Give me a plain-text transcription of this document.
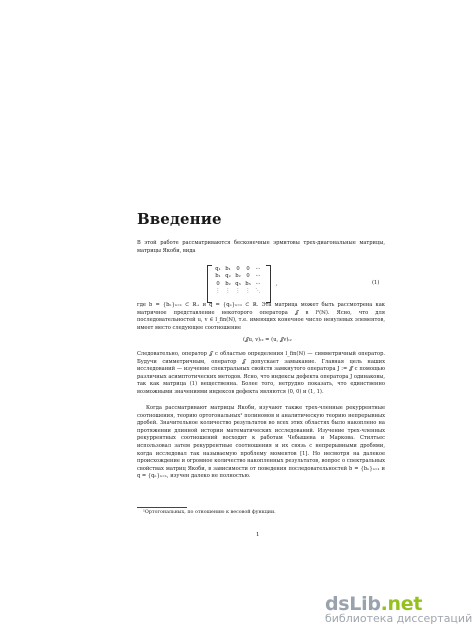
Введение

В этой работе рассматриваются бесконечные эрмитовы трех-диагональные матрицы, матрицы Якоби, вида

q₁ b₁ 0 0 ···
b₁ q₂ b₂ 0 ···
0 b₂ q₃ b₃ ···
⋮ ⋮ ⋮ ⋮ ⋱
,	(1)

где b = {bₙ}ₙ₌₁ ⊂ ℝ₊ и q = {qₙ}ₙ₌₁ ⊂ ℝ. Эта матрица может быть рассмотрена как матричное представление некоторого оператора 𝒥 в l²(ℕ). Ясно, что для последовательностей u, v ∈ l_fin(ℕ), т.е. имеющих конечное число ненулевых элементов, имеет место следующее соотношение

(𝒥u, v)ₗ₂ = (u, 𝒥v)ₗ₂

Следовательно, оператор 𝒥 с областью определения l_fin(ℕ) — симметричный оператор. Будучи симметричным, оператор 𝒥 допускает замыкание. Главная цель наших исследований — изучение спектральных свойств замкнутого оператора J := 𝒥̄ с помощью различных асимптотических методов. Ясно, что индексы дефекта оператора J одинаковы, так как матрица (1) вещественна. Более того, нетрудно показать, что единственно возможными значениями индексов дефекта являются (0, 0) и (1, 1).

Когда рассматривают матрицы Якоби, изучают также трех-членные рекуррентные соотношения, теорию ортогональных¹ полиномов и аналитическую теорию непрерывных дробей. Значительное количество результатов во всех этих областях было накоплено на протяжении длинной истории математических исследований. Изучение трех-членных рекуррентных соотношений восходит к работам Чебышева и Маркова. Стилтьес использовал затем рекуррентные соотношения и их связь с непрерывными дробями, когда исследовал так называемую проблему моментов [1]. Но несмотря на далекое происхождение и огромное количество накопленных результатов, вопрос о спектральных свойствах матриц Якоби, в зависимости от поведения последовательностей b = {bₙ}ₙ₌₁ и q = {qₙ}ₙ₌₁, изучен далеко не полностью.

¹Ортогональных, по отношению к весовой функции.
1
dsLib.net
библиотека диссертаций
